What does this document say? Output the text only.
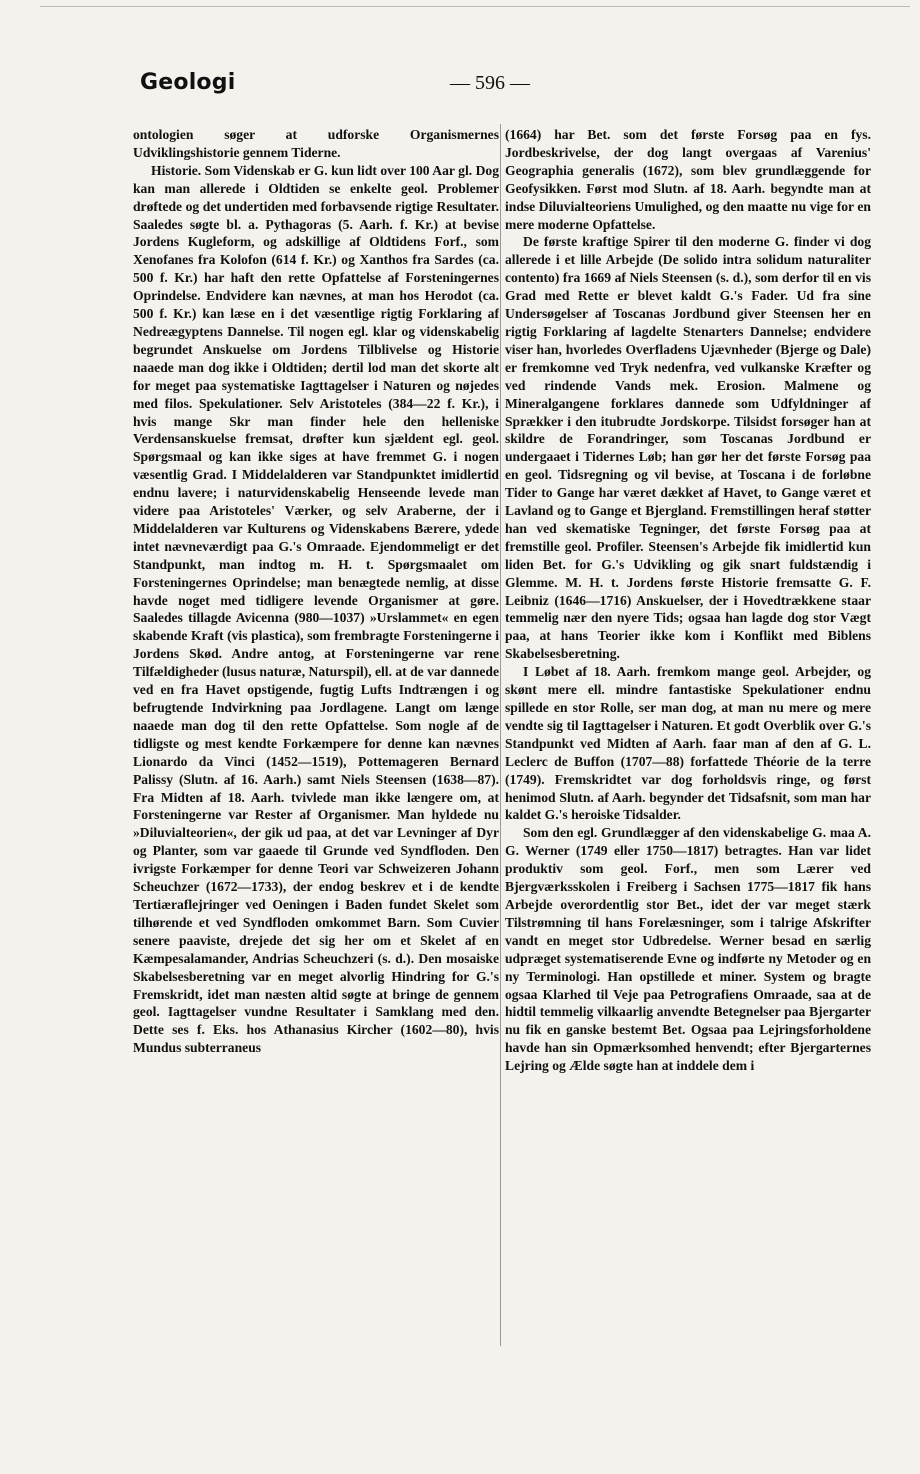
Geologi	— 596 —

ontologien søger at udforske Organismernes Udviklingshistorie gennem Tiderne.

Historie. Som Videnskab er G. kun lidt over 100 Aar gl. Dog kan man allerede i Oldtiden se enkelte geol. Problemer drøftede og det undertiden med forbavsende rigtige Resultater. Saaledes søgte bl. a. Pythagoras (5. Aarh. f. Kr.) at bevise Jordens Kugleform, og adskillige af Oldtidens Forf., som Xenofanes fra Kolofon (614 f. Kr.) og Xanthos fra Sardes (ca. 500 f. Kr.) har haft den rette Opfattelse af Forsteningernes Oprindelse. Endvidere kan nævnes, at man hos Herodot (ca. 500 f. Kr.) kan læse en i det væsentlige rigtig Forklaring af Nedreægyptens Dannelse. Til nogen egl. klar og videnskabelig begrundet Anskuelse om Jordens Tilblivelse og Historie naaede man dog ikke i Oldtiden; dertil lod man det skorte alt for meget paa systematiske Iagttagelser i Naturen og nøjedes med filos. Spekulationer. Selv Aristoteles (384—22 f. Kr.), i hvis mange Skr man finder hele den helleniske Verdensanskuelse fremsat, drøfter kun sjældent egl. geol. Spørgsmaal og kan ikke siges at have fremmet G. i nogen væsentlig Grad. I Middelalderen var Standpunktet imidlertid endnu lavere; i naturvidenskabelig Henseende levede man videre paa Aristoteles' Værker, og selv Araberne, der i Middelalderen var Kulturens og Videnskabens Bærere, ydede intet nævneværdigt paa G.'s Omraade. Ejendommeligt er det Standpunkt, man indtog m. H. t. Spørgsmaalet om Forsteningernes Oprindelse; man benægtede nemlig, at disse havde noget med tidligere levende Organismer at gøre. Saaledes tillagde Avicenna (980—1037) »Urslammet« en egen skabende Kraft (vis plastica), som frembragte Forsteningerne i Jordens Skød. Andre antog, at Forsteningerne var rene Tilfældigheder (lusus naturæ, Naturspil), ell. at de var dannede ved en fra Havet opstigende, fugtig Lufts Indtrængen i og befrugtende Indvirkning paa Jordlagene. Langt om længe naaede man dog til den rette Opfattelse. Som nogle af de tidligste og mest kendte Forkæmpere for denne kan nævnes Lionardo da Vinci (1452—1519), Pottemageren Bernard Palissy (Slutn. af 16. Aarh.) samt Niels Steensen (1638—87). Fra Midten af 18. Aarh. tvivlede man ikke længere om, at Forsteningerne var Rester af Organismer. Man hyldede nu »Diluvialteorien«, der gik ud paa, at det var Levninger af Dyr og Planter, som var gaaede til Grunde ved Syndfloden. Den ivrigste Forkæmper for denne Teori var Schweizeren Johann Scheuchzer (1672—1733), der endog beskrev et i de kendte Tertiæraflejringer ved Oeningen i Baden fundet Skelet som tilhørende et ved Syndfloden omkommet Barn. Som Cuvier senere paaviste, drejede det sig her om et Skelet af en Kæmpesalamander, Andrias Scheuchzeri (s. d.). Den mosaiske Skabelsesberetning var en meget alvorlig Hindring for G.'s Fremskridt, idet man næsten altid søgte at bringe de gennem geol. Iagttagelser vundne Resultater i Samklang med den. Dette ses f. Eks. hos Athanasius Kircher (1602—80), hvis Mundus subterraneus

(1664) har Bet. som det første Forsøg paa en fys. Jordbeskrivelse, der dog langt overgaas af Varenius' Geographia generalis (1672), som blev grundlæggende for Geofysikken. Først mod Slutn. af 18. Aarh. begyndte man at indse Diluvialteoriens Umulighed, og den maatte nu vige for en mere moderne Opfattelse.

De første kraftige Spirer til den moderne G. finder vi dog allerede i et lille Arbejde (De solido intra solidum naturaliter contento) fra 1669 af Niels Steensen (s. d.), som derfor til en vis Grad med Rette er blevet kaldt G.'s Fader. Ud fra sine Undersøgelser af Toscanas Jordbund giver Steensen her en rigtig Forklaring af lagdelte Stenarters Dannelse; endvidere viser han, hvorledes Overfladens Ujævnheder (Bjerge og Dale) er fremkomne ved Tryk nedenfra, ved vulkanske Kræfter og ved rindende Vands mek. Erosion. Malmene og Mineralgangene forklares dannede som Udfyldninger af Sprækker i den itubrudte Jordskorpe. Tilsidst forsøger han at skildre de Forandringer, som Toscanas Jordbund er undergaaet i Tidernes Løb; han gør her det første Forsøg paa en geol. Tidsregning og vil bevise, at Toscana i de forløbne Tider to Gange har været dækket af Havet, to Gange været et Lavland og to Gange et Bjergland. Fremstillingen heraf støtter han ved skematiske Tegninger, det første Forsøg paa at fremstille geol. Profiler. Steensen's Arbejde fik imidlertid kun liden Bet. for G.'s Udvikling og gik snart fuldstændig i Glemme. M. H. t. Jordens første Historie fremsatte G. F. Leibniz (1646—1716) Anskuelser, der i Hovedtrækkene staar temmelig nær den nyere Tids; ogsaa han lagde dog stor Vægt paa, at hans Teorier ikke kom i Konflikt med Biblens Skabelsesberetning.

I Løbet af 18. Aarh. fremkom mange geol. Arbejder, og skønt mere ell. mindre fantastiske Spekulationer endnu spillede en stor Rolle, ser man dog, at man nu mere og mere vendte sig til Iagttagelser i Naturen. Et godt Overblik over G.'s Standpunkt ved Midten af Aarh. faar man af den af G. L. Leclerc de Buffon (1707—88) forfattede Théorie de la terre (1749). Fremskridtet var dog forholdsvis ringe, og først henimod Slutn. af Aarh. begynder det Tidsafsnit, som man har kaldet G.'s heroiske Tidsalder.

Som den egl. Grundlægger af den videnskabelige G. maa A. G. Werner (1749 eller 1750—1817) betragtes. Han var lidet produktiv som geol. Forf., men som Lærer ved Bjergværksskolen i Freiberg i Sachsen 1775—1817 fik hans Arbejde overordentlig stor Bet., idet der var meget stærk Tilstrømning til hans Forelæsninger, som i talrige Afskrifter vandt en meget stor Udbredelse. Werner besad en særlig udpræget systematiserende Evne og indførte ny Metoder og en ny Terminologi. Han opstillede et miner. System og bragte ogsaa Klarhed til Veje paa Petrografiens Omraade, saa at de hidtil temmelig vilkaarlig anvendte Betegnelser paa Bjergarter nu fik en ganske bestemt Bet. Ogsaa paa Lejringsforholdene havde han sin Opmærksomhed henvendt; efter Bjergarternes Lejring og Ælde søgte han at inddele dem i
